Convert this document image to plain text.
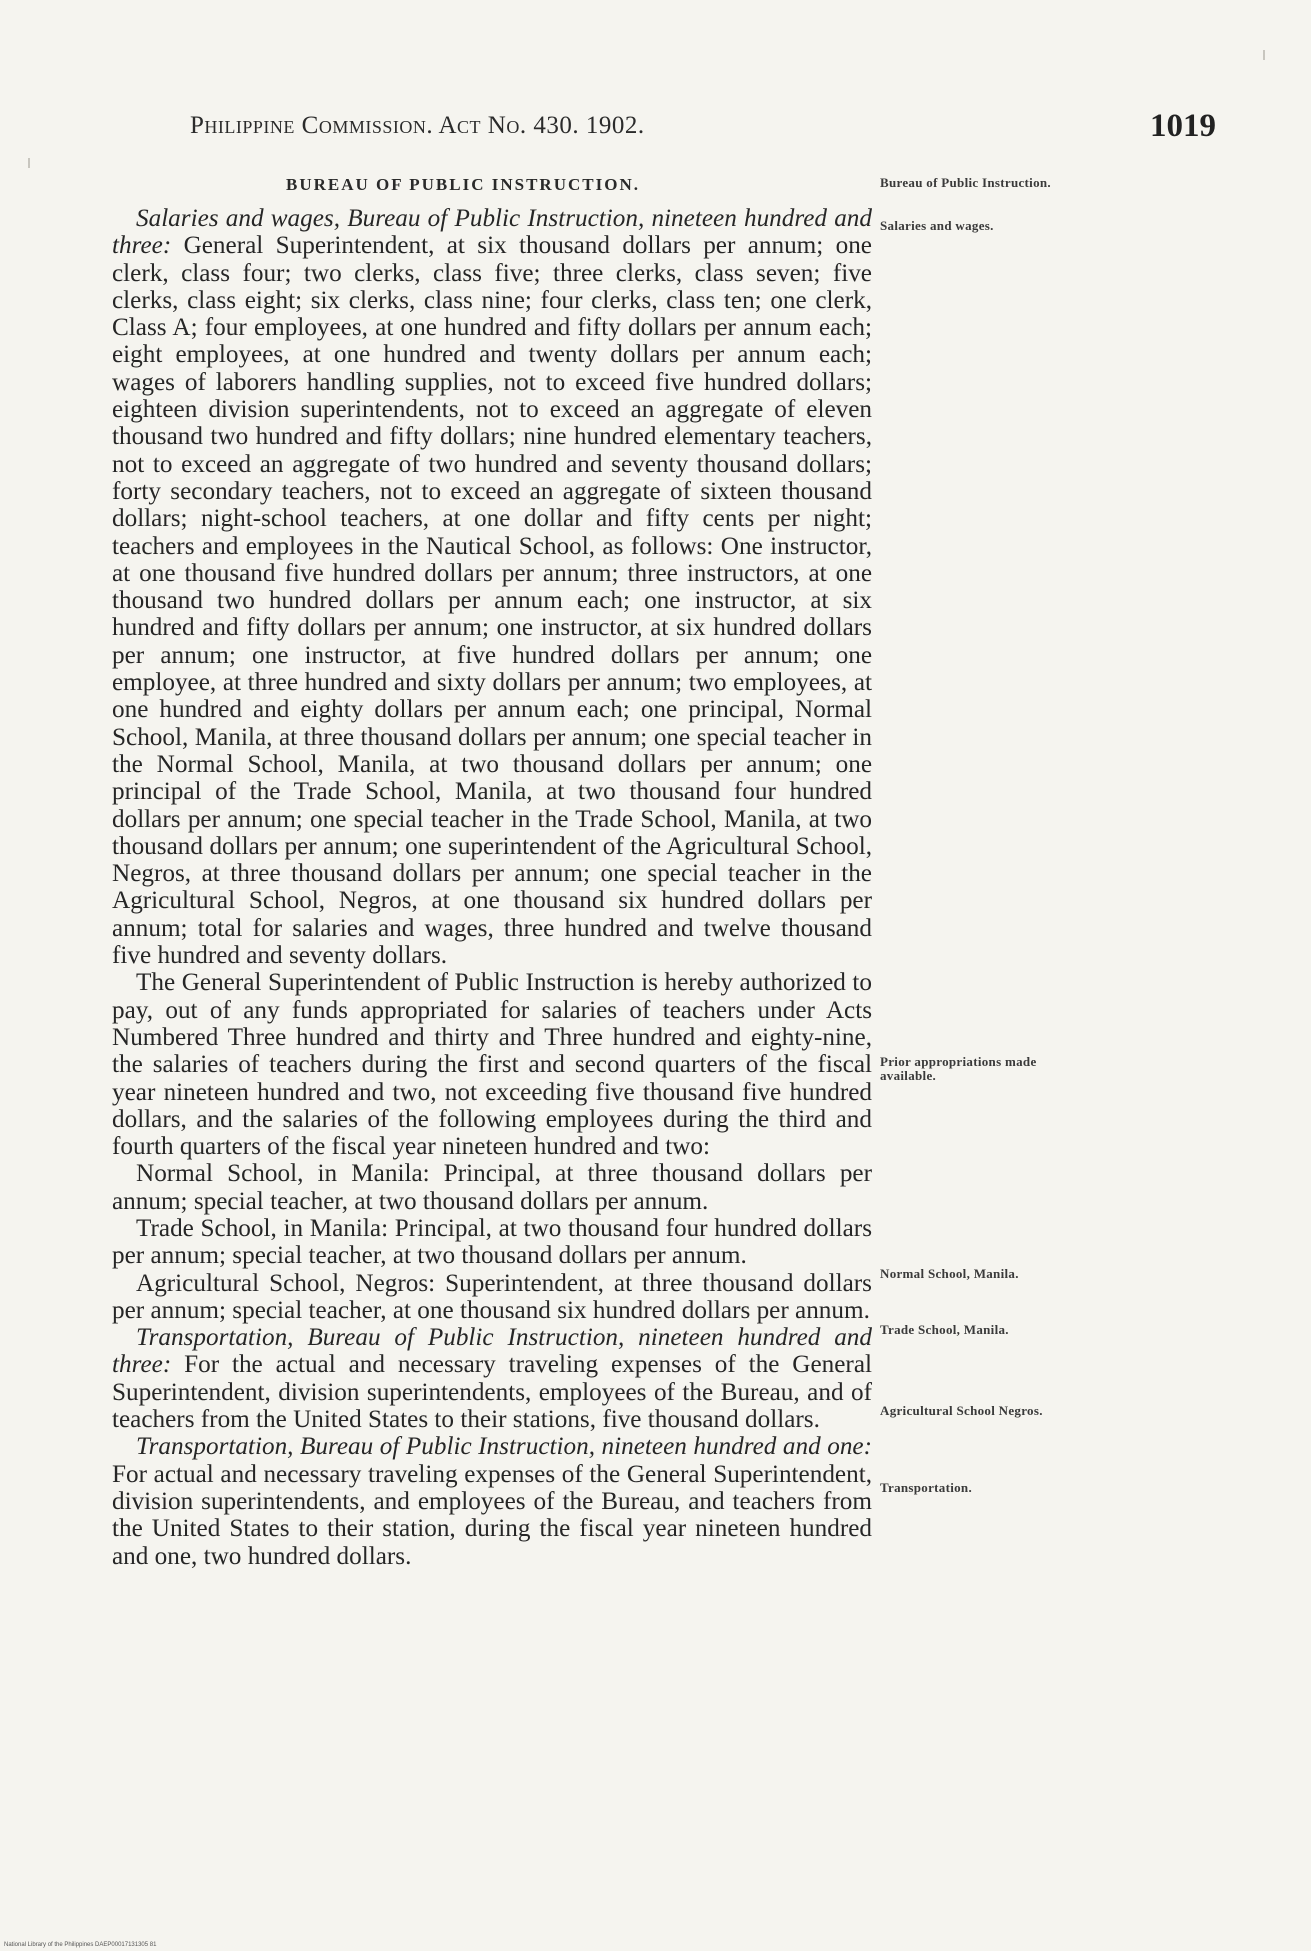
Philippine Commission. Act No. 430. 1902.	1019
BUREAU OF PUBLIC INSTRUCTION.

Salaries and wages, Bureau of Public Instruction, nineteen hundred and three: General Superintendent, at six thousand dollars per annum; one clerk, class four; two clerks, class five; three clerks, class seven; five clerks, class eight; six clerks, class nine; four clerks, class ten; one clerk, Class A; four employees, at one hundred and fifty dollars per annum each; eight employees, at one hundred and twenty dollars per annum each; wages of laborers handling supplies, not to exceed five hundred dollars; eighteen division superintendents, not to exceed an aggregate of eleven thousand two hundred and fifty dollars; nine hundred elementary teachers, not to exceed an aggregate of two hundred and seventy thousand dollars; forty secondary teachers, not to exceed an aggregate of sixteen thousand dollars; night-school teachers, at one dollar and fifty cents per night; teachers and employees in the Nautical School, as follows: One instructor, at one thousand five hundred dollars per annum; three instructors, at one thousand two hundred dollars per annum each; one instructor, at six hundred and fifty dollars per annum; one instructor, at six hundred dollars per annum; one instructor, at five hundred dollars per annum; one employee, at three hundred and sixty dollars per annum; two employees, at one hundred and eighty dollars per annum each; one principal, Normal School, Manila, at three thousand dollars per annum; one special teacher in the Normal School, Manila, at two thousand dollars per annum; one principal of the Trade School, Manila, at two thousand four hundred dollars per annum; one special teacher in the Trade School, Manila, at two thousand dollars per annum; one superintendent of the Agricultural School, Negros, at three thousand dollars per annum; one special teacher in the Agricultural School, Negros, at one thousand six hundred dollars per annum; total for salaries and wages, three hundred and twelve thousand five hundred and seventy dollars.

The General Superintendent of Public Instruction is hereby authorized to pay, out of any funds appropriated for salaries of teachers under Acts Numbered Three hundred and thirty and Three hundred and eighty-nine, the salaries of teachers during the first and second quarters of the fiscal year nineteen hundred and two, not exceeding five thousand five hundred dollars, and the salaries of the following employees during the third and fourth quarters of the fiscal year nineteen hundred and two:

Normal School, in Manila: Principal, at three thousand dollars per annum; special teacher, at two thousand dollars per annum.

Trade School, in Manila: Principal, at two thousand four hundred dollars per annum; special teacher, at two thousand dollars per annum.

Agricultural School, Negros: Superintendent, at three thousand dollars per annum; special teacher, at one thousand six hundred dollars per annum.

Transportation, Bureau of Public Instruction, nineteen hundred and three: For the actual and necessary traveling expenses of the General Superintendent, division superintendents, employees of the Bureau, and of teachers from the United States to their stations, five thousand dollars.

Transportation, Bureau of Public Instruction, nineteen hundred and one: For actual and necessary traveling expenses of the General Superintendent, division superintendents, and employees of the Bureau, and teachers from the United States to their station, during the fiscal year nineteen hundred and one, two hundred dollars.

Bureau of Public Instruction.
Salaries and wages.
Prior appropriations made available.
Normal School, Manila.
Trade School, Manila.
Agricultural School Negros.
Transportation.
National Library of the Philippines DAEP00017131305 81
